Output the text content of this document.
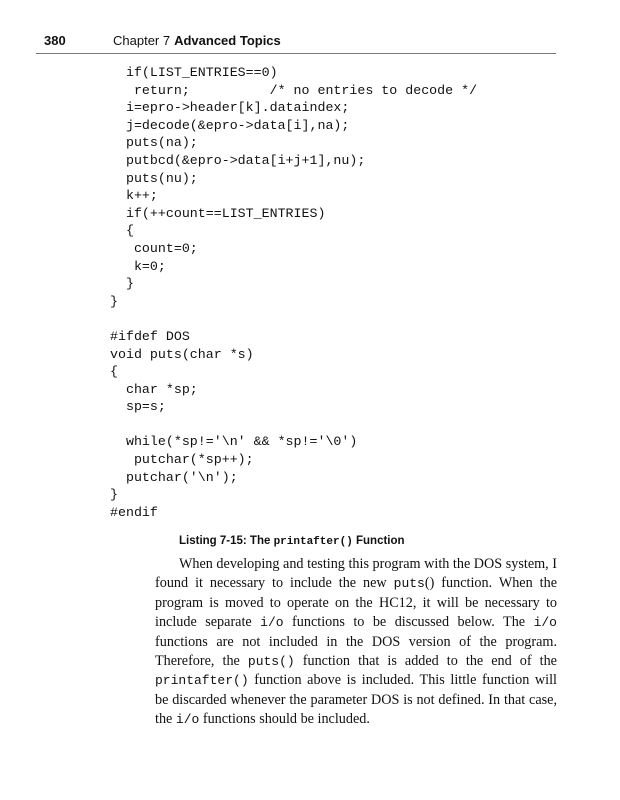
380	Chapter 7 Advanced Topics
if(LIST_ENTRIES==0)
return;          /* no entries to decode */
i=epro->header[k].dataindex;
j=decode(&epro->data[i],na);
puts(na);
putbcd(&epro->data[i+j+1],nu);
puts(nu);
k++;
if(++count==LIST_ENTRIES)
{
count=0;
k=0;
}
}

#ifdef DOS
void puts(char *s)
{
char *sp;
sp=s;

while(*sp!='\n' && *sp!='\0')
putchar(*sp++);
putchar('\n');
}
#endif
Listing 7-15: The printafter() Function

When developing and testing this program with the DOS system, I found it necessary to include the new puts() function. When the program is moved to operate on the HC12, it will be necessary to include separate i/o functions to be discussed below. The i/o functions are not included in the DOS version of the program. Therefore, the puts() function that is added to the end of the printafter() function above is included. This little function will be discarded whenever the parameter DOS is not defined. In that case, the i/o functions should be included.
